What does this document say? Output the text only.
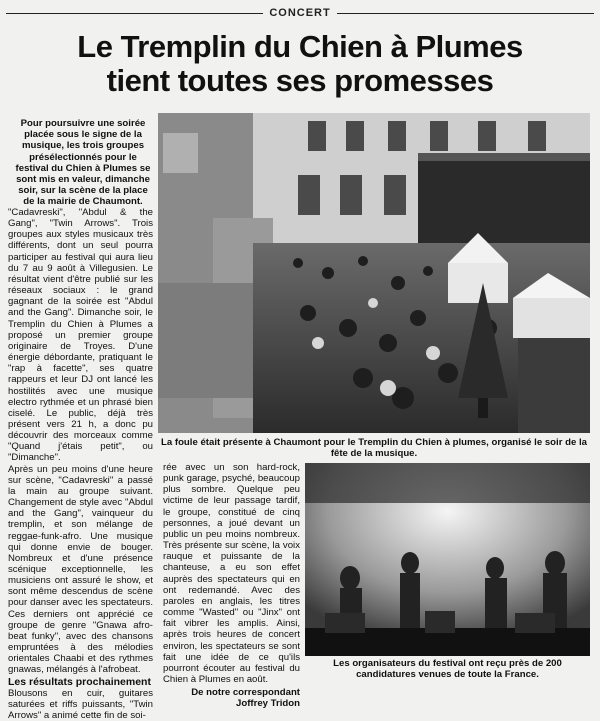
CONCERT
Le Tremplin du Chien à Plumes
tient toutes ses promesses
Pour poursuivre une soirée placée sous le signe de la musique, les trois groupes présélectionnés pour le festival du Chien à Plumes se sont mis en valeur, dimanche soir, sur la scène de la place de la mairie de Chaumont.

"Cadavreski", "Abdul & the Gang", "Twin Arrows". Trois groupes aux styles musicaux très différents, dont un seul pourra participer au festival qui aura lieu du 7 au 9 août à Villegusien. Le résultat vient d'être publié sur les réseaux sociaux : le grand gagnant de la soirée est "Abdul and the Gang". Dimanche soir, le Tremplin du Chien à Plumes a proposé un premier groupe originaire de Troyes. D'une énergie débordante, pratiquant le "rap à facette", ses quatre rappeurs et leur DJ ont lancé les hostilités avec une musique electro rythmée et un phrasé bien ciselé. Le public, déjà très présent vers 21 h, a donc pu découvrir des morceaux comme "Quand j'étais petit", ou "Dimanche".

Après un peu moins d'une heure sur scène, "Cadavreski" a passé la main au groupe suivant. Changement de style avec "Abdul and the Gang", vainqueur du tremplin, et son mélange de reggae-funk-afro. Une musique qui donne envie de bouger. Nombreux et d'une présence scénique exceptionnelle, les musiciens ont assuré le show, et sont même descendus de scène pour danser avec les spectateurs. Ces derniers ont apprécié ce groupe de genre "Gnawa afro-beat funky", avec des chansons empruntées à des mélodies orientales Chaabi et des rythmes gnawas, mélangés à l'afrobeat.

Les résultats prochainement

Blousons en cuir, guitares saturées et riffs puissants, "Twin Arrows" a animé cette fin de soi-

rée avec un son hard-rock, punk garage, psyché, beaucoup plus sombre. Quelque peu victime de leur passage tardif, le groupe, constitué de cinq personnes, a joué devant un public un peu moins nombreux. Très présente sur scène, la voix rauque et puissante de la chanteuse, a eu son effet auprès des spectateurs qui en ont redemandé. Avec des paroles en anglais, les titres comme "Wasted" ou "Jinx" ont fait vibrer les amplis. Ainsi, après trois heures de concert environ, les spectateurs se sont fait une idée de ce qu'ils pourront écouter au festival du Chien à Plumes en août.

De notre correspondant
Joffrey Tridon
La foule était présente à Chaumont pour le Tremplin du Chien à plumes, organisé le soir de la fête de la musique.
Les organisateurs du festival ont reçu près de 200 candidatures venues de toute la France.
